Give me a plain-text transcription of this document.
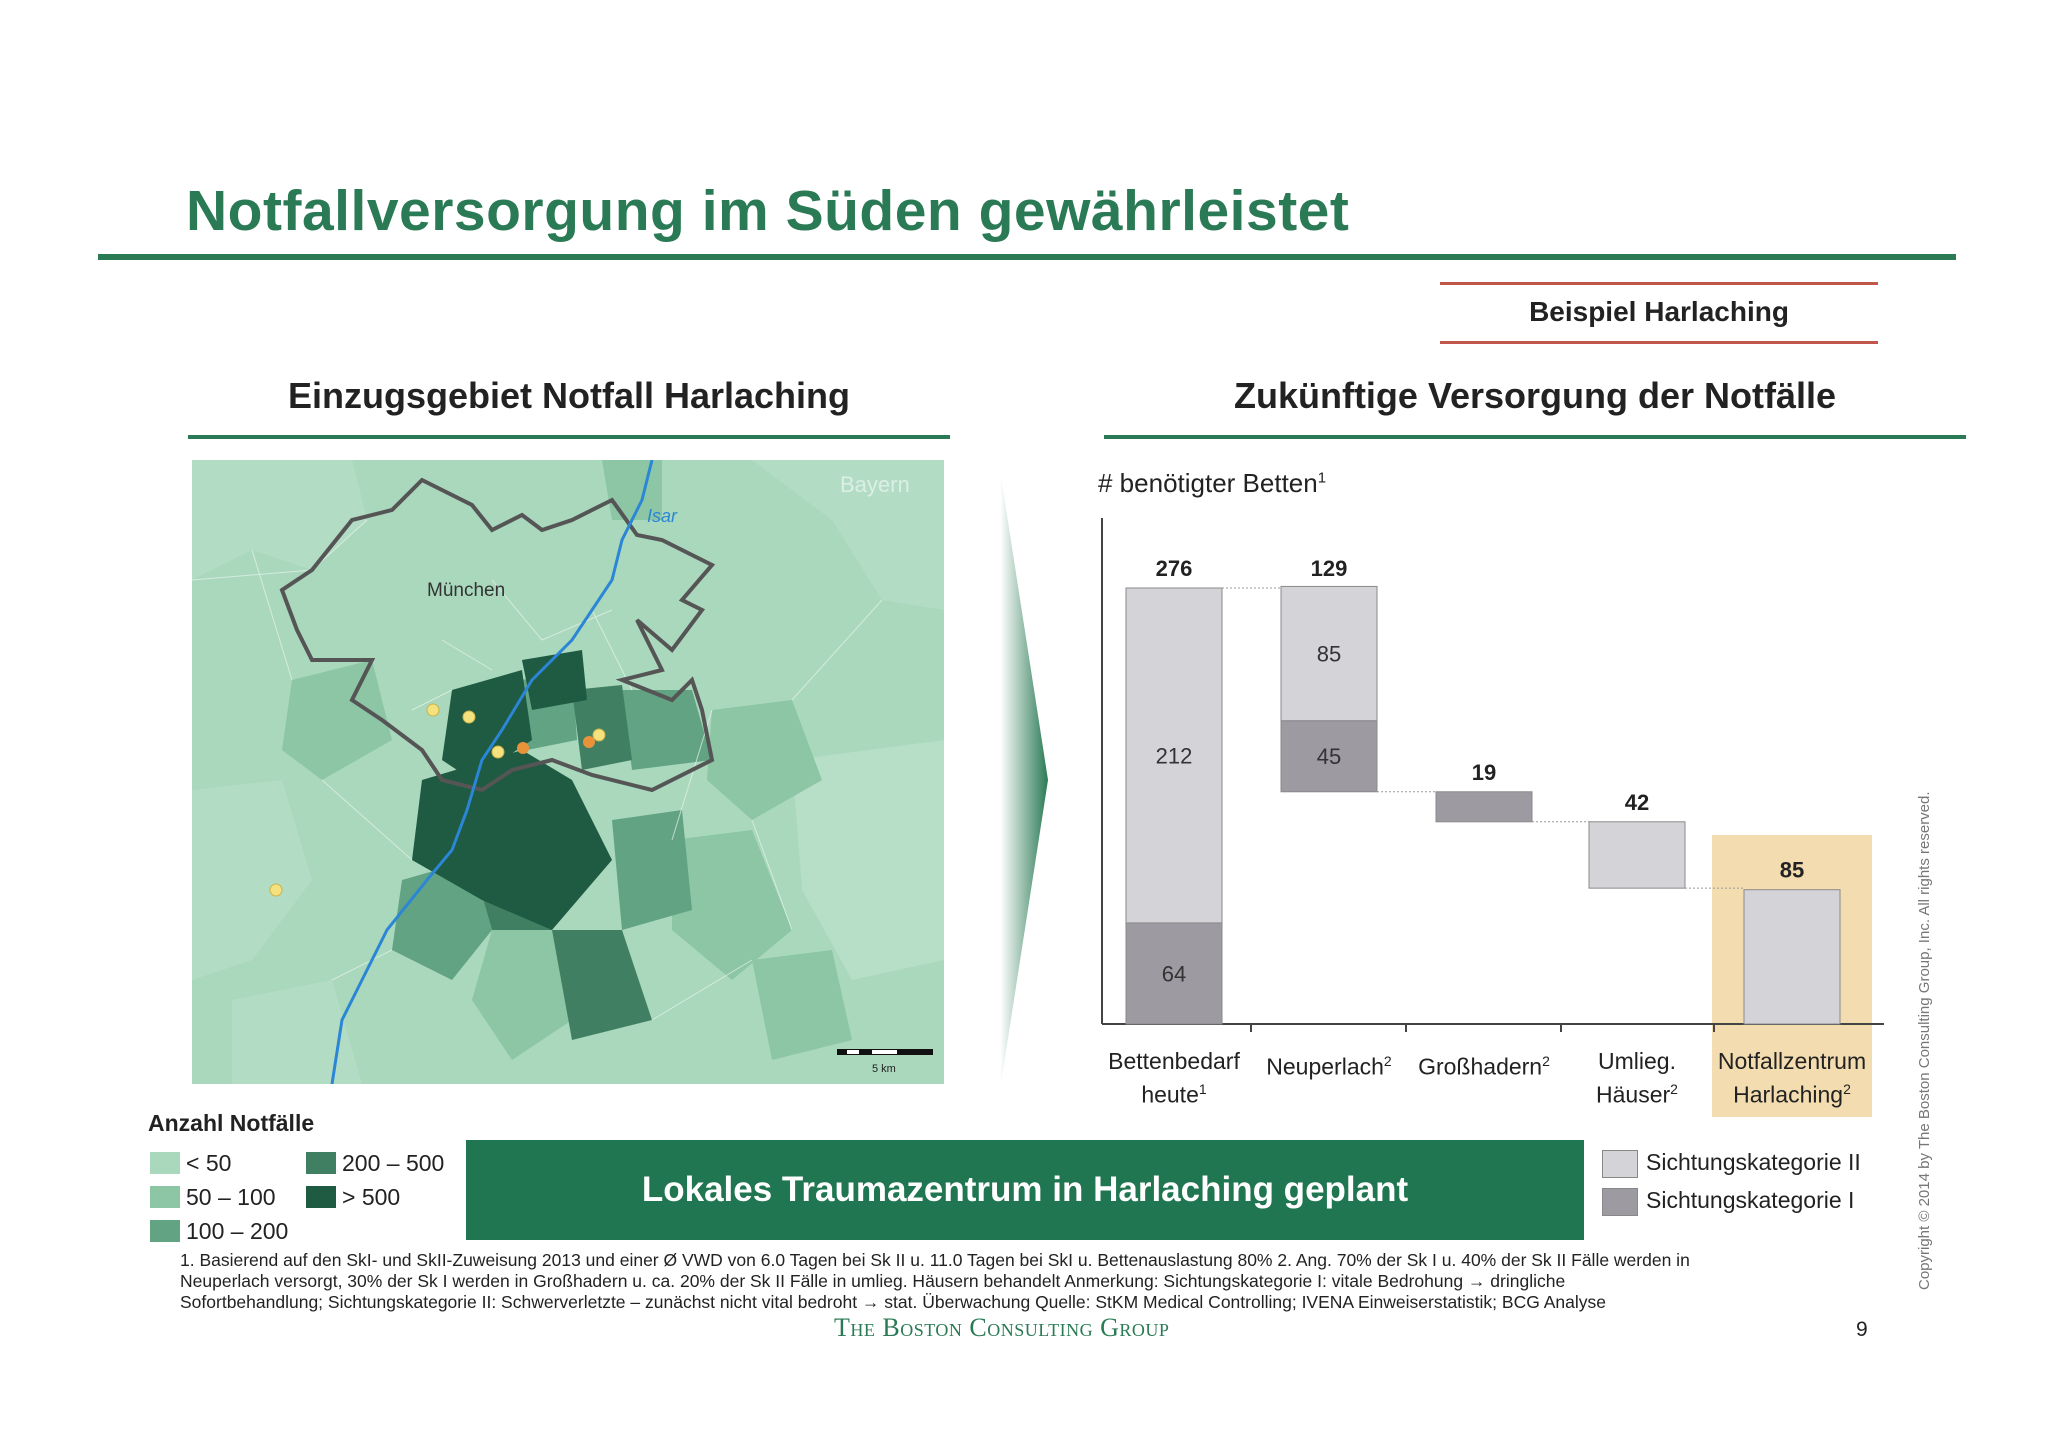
Notfallversorgung im Süden gewährleistet
Beispiel Harlaching
Einzugsgebiet Notfall Harlaching	Zukünftige Versorgung der Notfälle
Isar
München
Bayern
5 km
# benötigter Betten$^1$
64
212
276
45
85
129
19
42
85
Bettenbedarf heute$^1$
Neuperlach$^2$	Großhadern$^2$	Umlieg. Häuser$^2$
Notfallzentrum Harlaching$^2$
Anzahl Notfälle
< 50
50 – 100
100 – 200
200 – 500
> 500	Lokales Traumazentrum in Harlaching geplant
Sichtungskategorie II
Sichtungskategorie I
1. Basierend auf den SkI- und SkII-Zuweisung 2013 und einer Ø VWD von 6.0 Tagen bei Sk II u. 11.0 Tagen bei SkI u. Bettenauslastung 80% 2. Ang. 70% der Sk I u. 40% der Sk II Fälle werden in
Neuperlach versorgt, 30% der Sk I werden in Großhadern u. ca. 20% der Sk II Fälle in umlieg. Häusern behandelt Anmerkung: Sichtungskategorie I: vitale Bedrohung → dringliche
Sofortbehandlung; Sichtungskategorie II: Schwerverletzte – zunächst nicht vital bedroht → stat. Überwachung Quelle: StKM Medical Controlling; IVENA Einweiserstatistik; BCG Analyse
The Boston Consulting Group	9
Copyright © 2014 by The Boston Consulting Group, Inc. All rights reserved.
